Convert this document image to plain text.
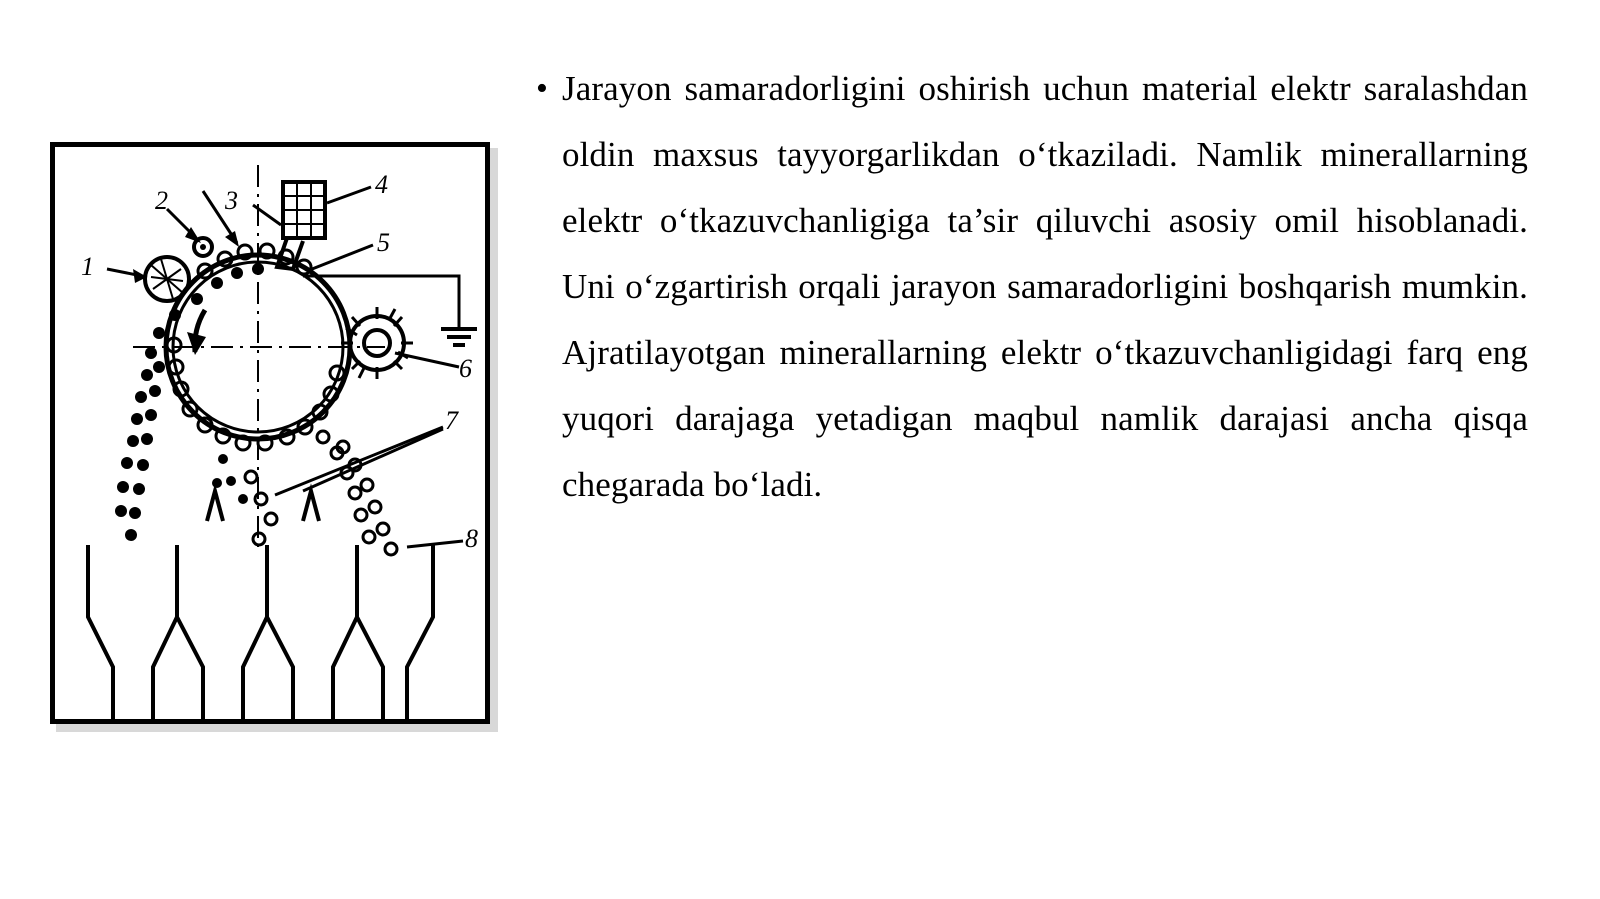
1
2 3
4
5
6
7
8
• Jarayon samaradorligini oshirish uchun material elektr saralashdan oldin maxsus tayyorgarlikdan o‘tkaziladi. Namlik minerallarning elektr o‘tkazuvchanligiga ta’sir qiluvchi asosiy omil hisoblanadi. Uni o‘zgartirish orqali jarayon samaradorligini boshqarish mumkin. Ajratilayotgan minerallarning elektr o‘tkazuvchanligidagi farq eng yuqori darajaga yetadigan maqbul namlik darajasi ancha qisqa chegarada bo‘ladi.
